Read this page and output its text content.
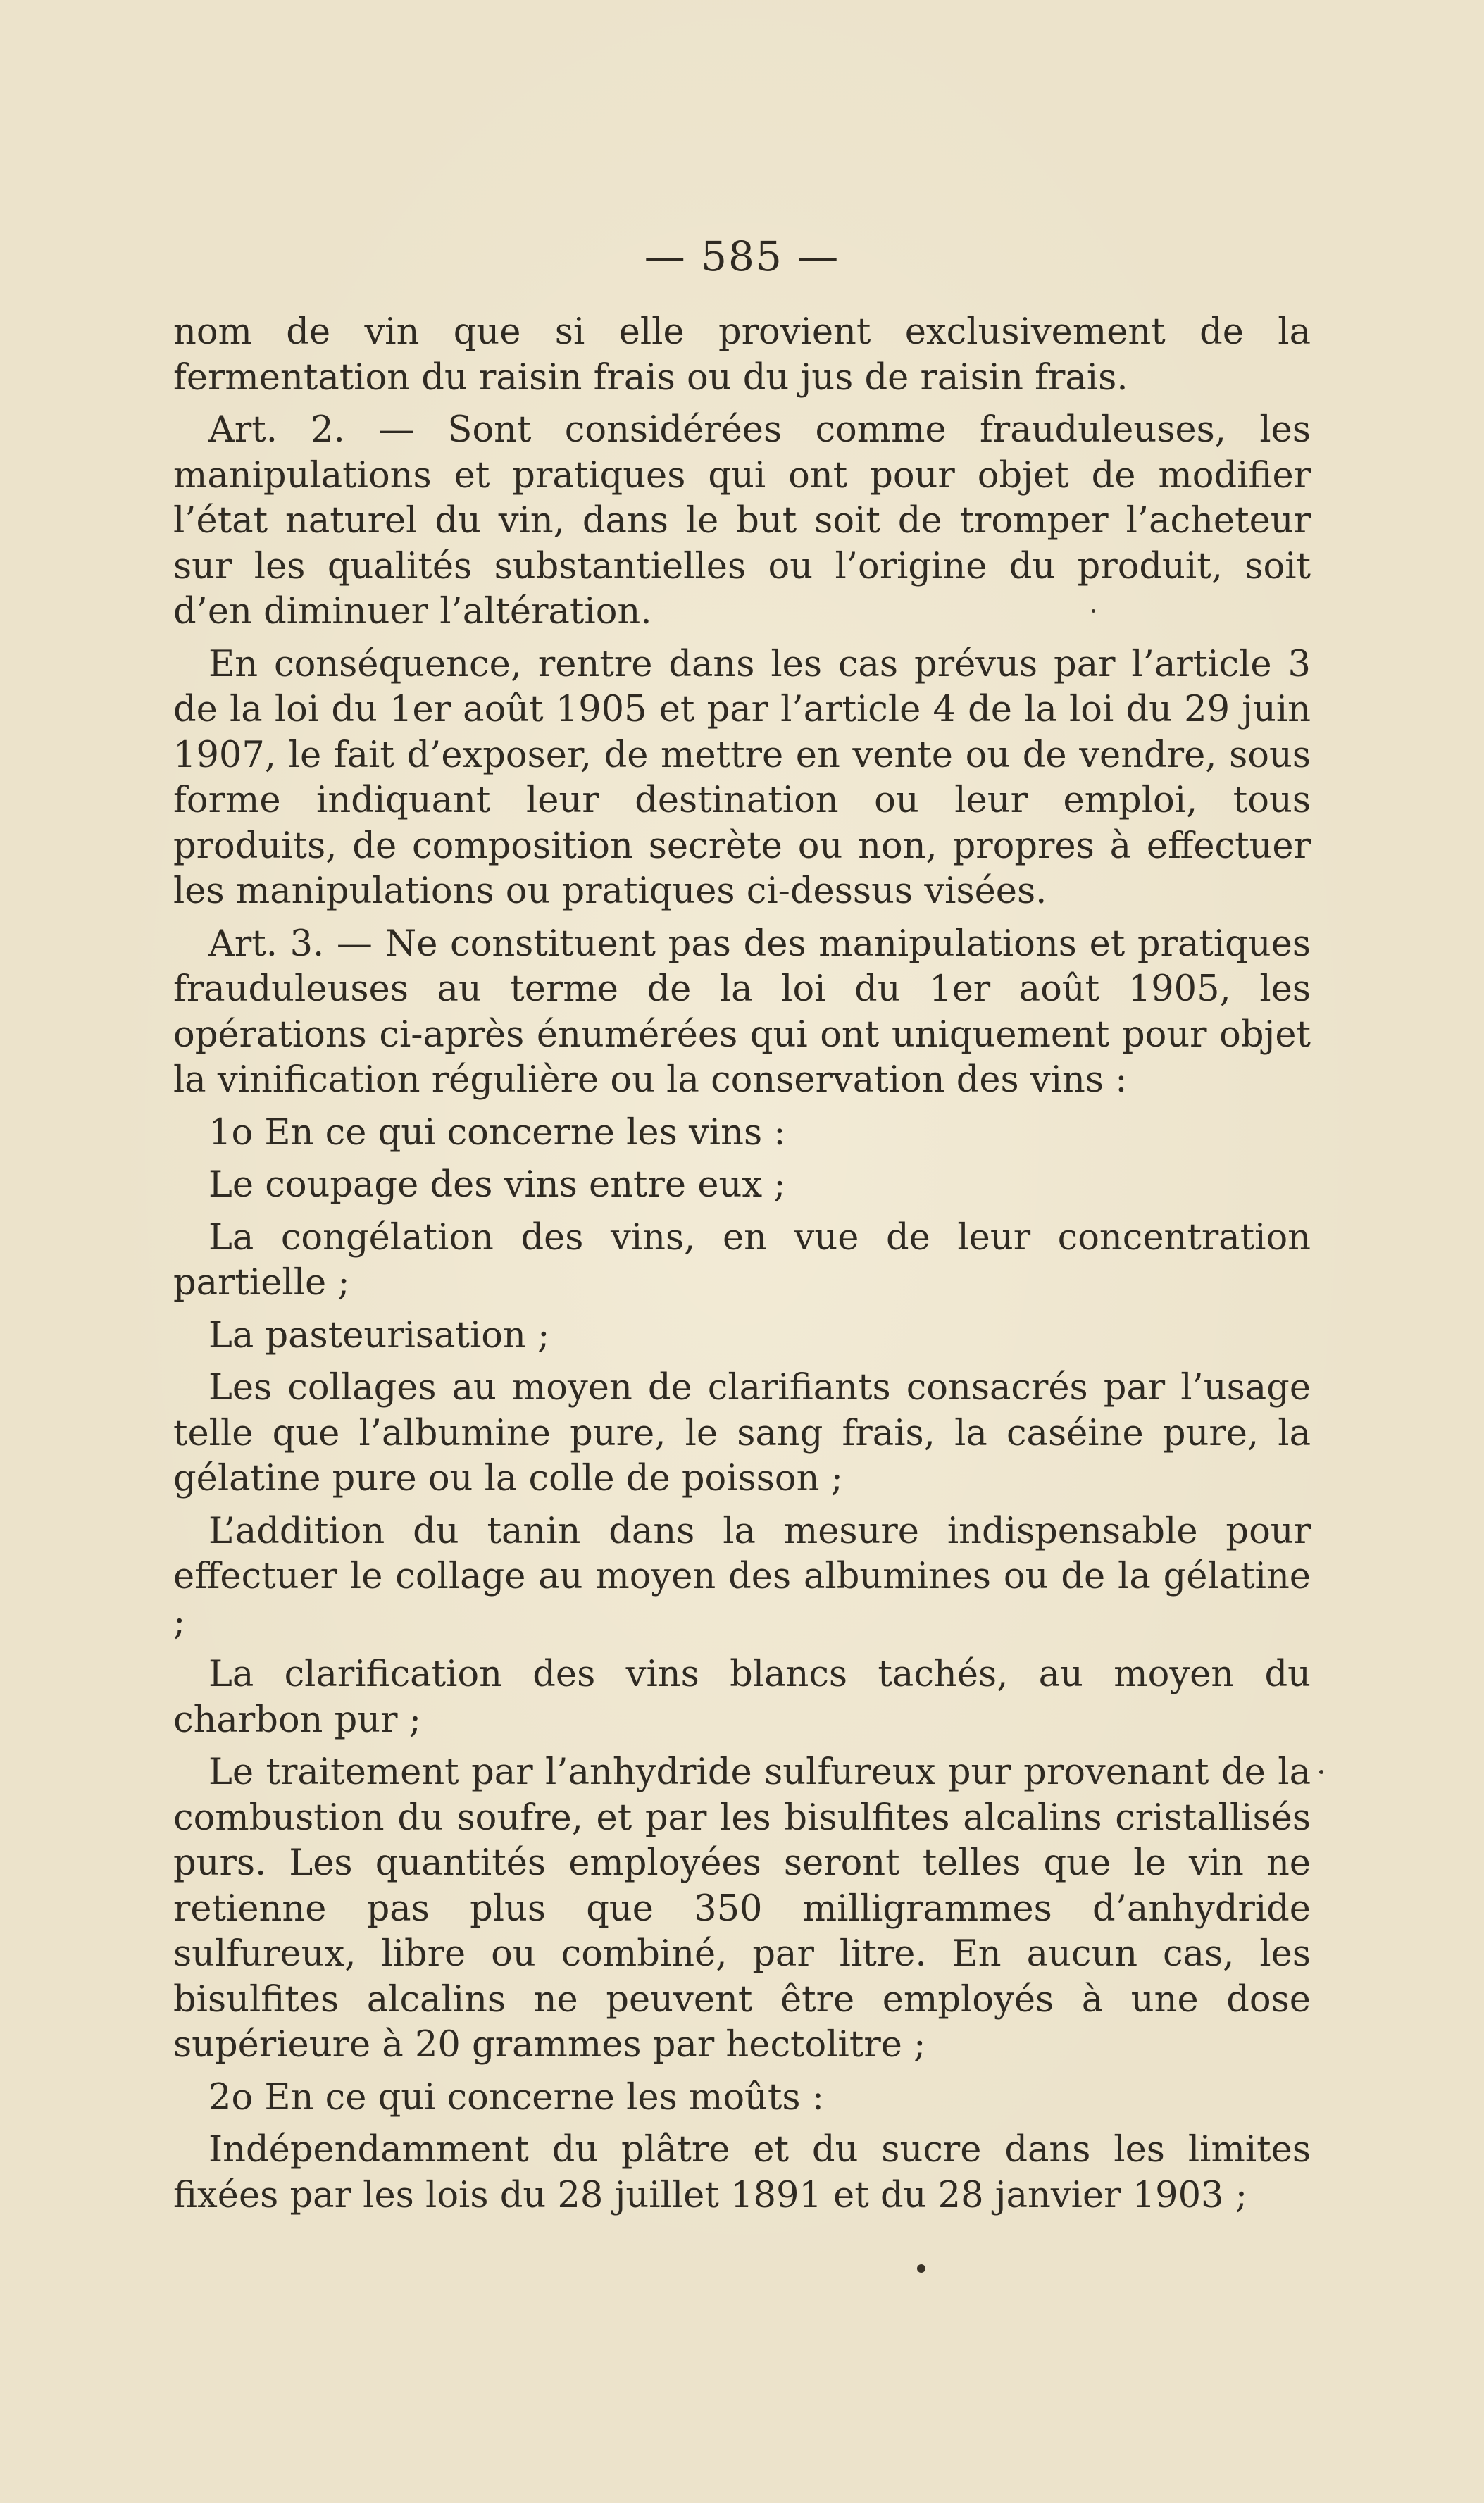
— 585 —

nom de vin que si elle provient exclusivement de la fermentation du raisin frais ou du jus de raisin frais.

Art. 2. — Sont considérées comme frauduleuses, les manipulations et pratiques qui ont pour objet de modifier l’état naturel du vin, dans le but soit de tromper l’acheteur sur les qualités substantielles ou l’origine du produit, soit d’en diminuer l’altération.

En conséquence, rentre dans les cas prévus par l’article 3 de la loi du 1er août 1905 et par l’article 4 de la loi du 29 juin 1907, le fait d’exposer, de mettre en vente ou de vendre, sous forme indiquant leur destination ou leur emploi, tous produits, de composition secrète ou non, propres à effectuer les manipulations ou pratiques ci-dessus visées.

Art. 3. — Ne constituent pas des manipulations et pratiques frauduleuses au terme de la loi du 1er août 1905, les opérations ci-après énumérées qui ont uniquement pour objet la vinification régulière ou la conservation des vins :

1o En ce qui concerne les vins :

Le coupage des vins entre eux ;

La congélation des vins, en vue de leur concentration partielle ;

La pasteurisation ;

Les collages au moyen de clarifiants consacrés par l’usage telle que l’albumine pure, le sang frais, la caséine pure, la gélatine pure ou la colle de poisson ;

L’addition du tanin dans la mesure indispensable pour effectuer le collage au moyen des albumines ou de la gélatine ;

La clarification des vins blancs tachés, au moyen du charbon pur ;

Le traitement par l’anhydride sulfureux pur provenant de la combustion du soufre, et par les bisulfites alcalins cristallisés purs. Les quantités employées seront telles que le vin ne retienne pas plus que 350 milligrammes d’anhydride sulfureux, libre ou combiné, par litre. En aucun cas, les bisulfites alcalins ne peuvent être employés à une dose supérieure à 20 grammes par hectolitre ;

2o En ce qui concerne les moûts :

Indépendamment du plâtre et du sucre dans les limites fixées par les lois du 28 juillet 1891 et du 28 janvier 1903 ;
